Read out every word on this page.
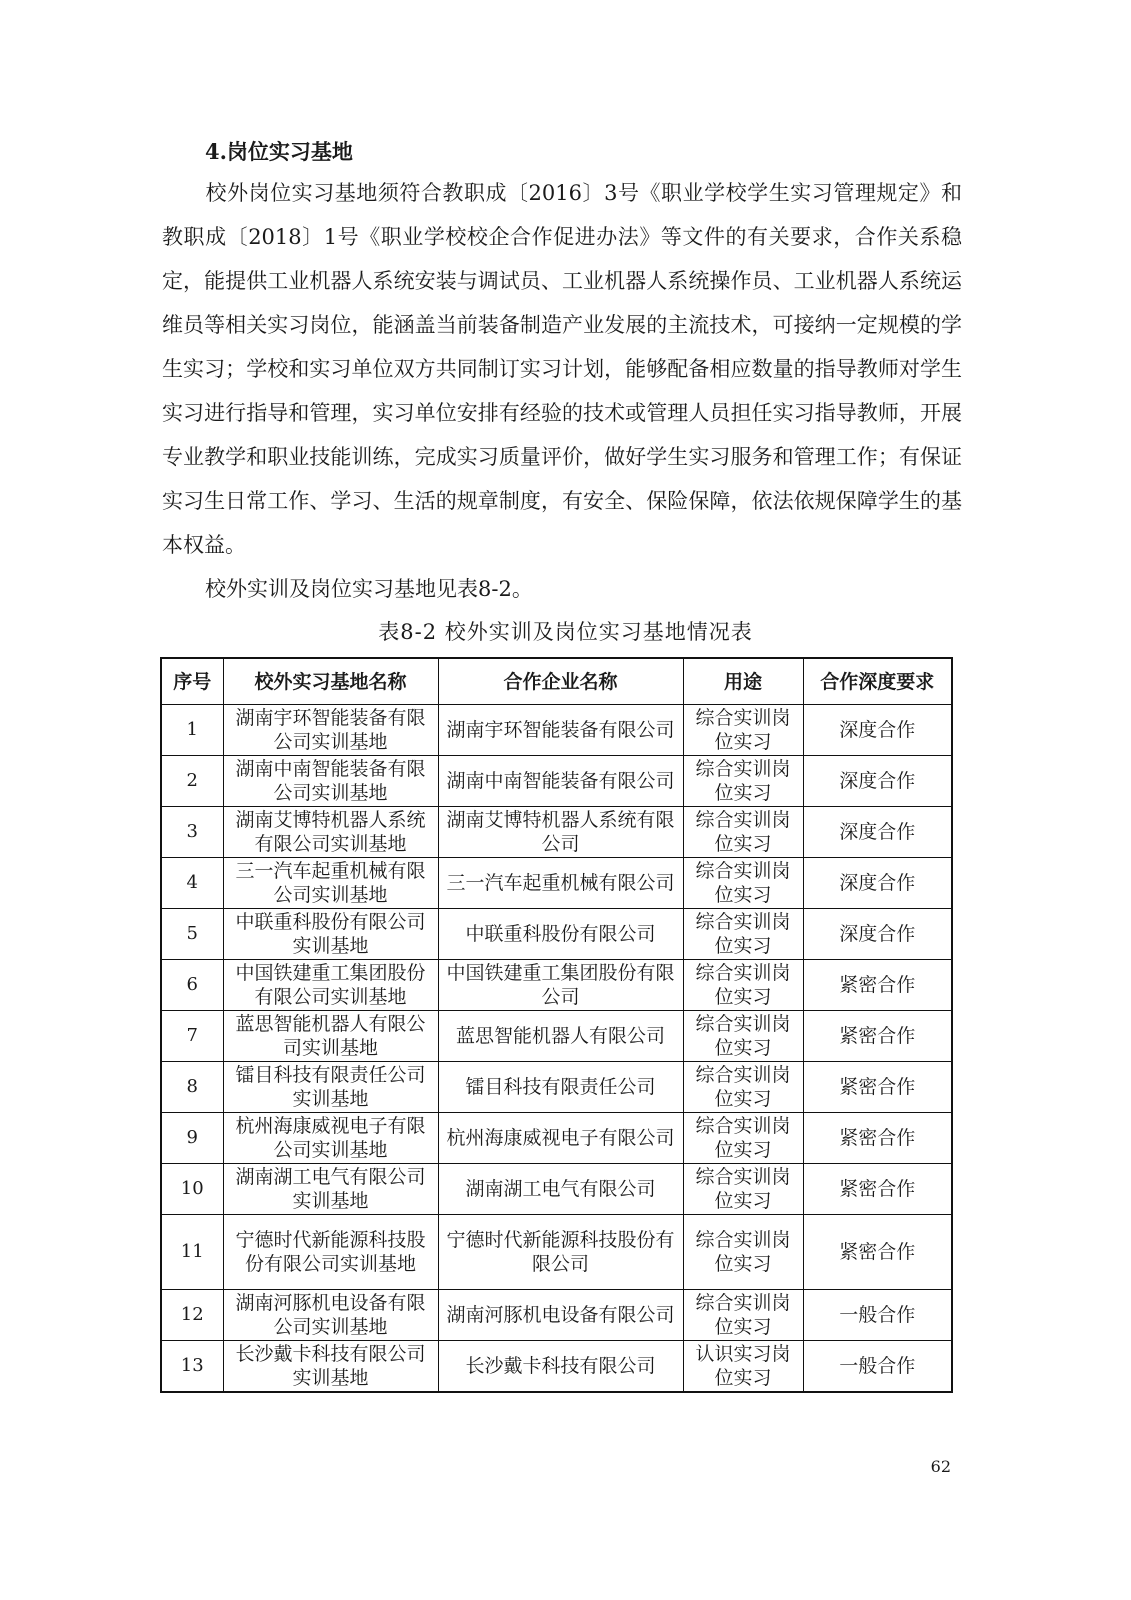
4.岗位实习基地
校外岗位实习基地须符合教职成〔2016〕3号《职业学校学生实习管理规定》和教职成〔2018〕1号《职业学校校企合作促进办法》等文件的有关要求，合作关系稳定，能提供工业机器人系统安装与调试员、工业机器人系统操作员、工业机器人系统运维员等相关实习岗位，能涵盖当前装备制造产业发展的主流技术，可接纳一定规模的学生实习；学校和实习单位双方共同制订实习计划，能够配备相应数量的指导教师对学生实习进行指导和管理，实习单位安排有经验的技术或管理人员担任实习指导教师，开展专业教学和职业技能训练，完成实习质量评价，做好学生实习服务和管理工作；有保证实习生日常工作、学习、生活的规章制度，有安全、保险保障，依法依规保障学生的基本权益。
校外实训及岗位实习基地见表8-2。
表8-2 校外实训及岗位实习基地情况表
序号	校外实习基地名称	合作企业名称	用途	合作深度要求
1	湖南宇环智能装备有限公司实训基地	湖南宇环智能装备有限公司	综合实训岗位实习	深度合作
2	湖南中南智能装备有限公司实训基地	湖南中南智能装备有限公司	综合实训岗位实习	深度合作
3	湖南艾博特机器人系统有限公司实训基地	湖南艾博特机器人系统有限公司	综合实训岗位实习	深度合作
4	三一汽车起重机械有限公司实训基地	三一汽车起重机械有限公司	综合实训岗位实习	深度合作
5	中联重科股份有限公司实训基地	中联重科股份有限公司	综合实训岗位实习	深度合作
6	中国铁建重工集团股份有限公司实训基地	中国铁建重工集团股份有限公司	综合实训岗位实习	紧密合作
7	蓝思智能机器人有限公司实训基地	蓝思智能机器人有限公司	综合实训岗位实习	紧密合作
8	镭目科技有限责任公司实训基地	镭目科技有限责任公司	综合实训岗位实习	紧密合作
9	杭州海康威视电子有限公司实训基地	杭州海康威视电子有限公司	综合实训岗位实习	紧密合作
10	湖南湖工电气有限公司实训基地	湖南湖工电气有限公司	综合实训岗位实习	紧密合作
11	宁德时代新能源科技股份有限公司实训基地	宁德时代新能源科技股份有限公司	综合实训岗位实习	紧密合作
12	湖南河豚机电设备有限公司实训基地	湖南河豚机电设备有限公司	综合实训岗位实习	一般合作
13	长沙戴卡科技有限公司实训基地	长沙戴卡科技有限公司	认识实习岗位实习	一般合作
62
